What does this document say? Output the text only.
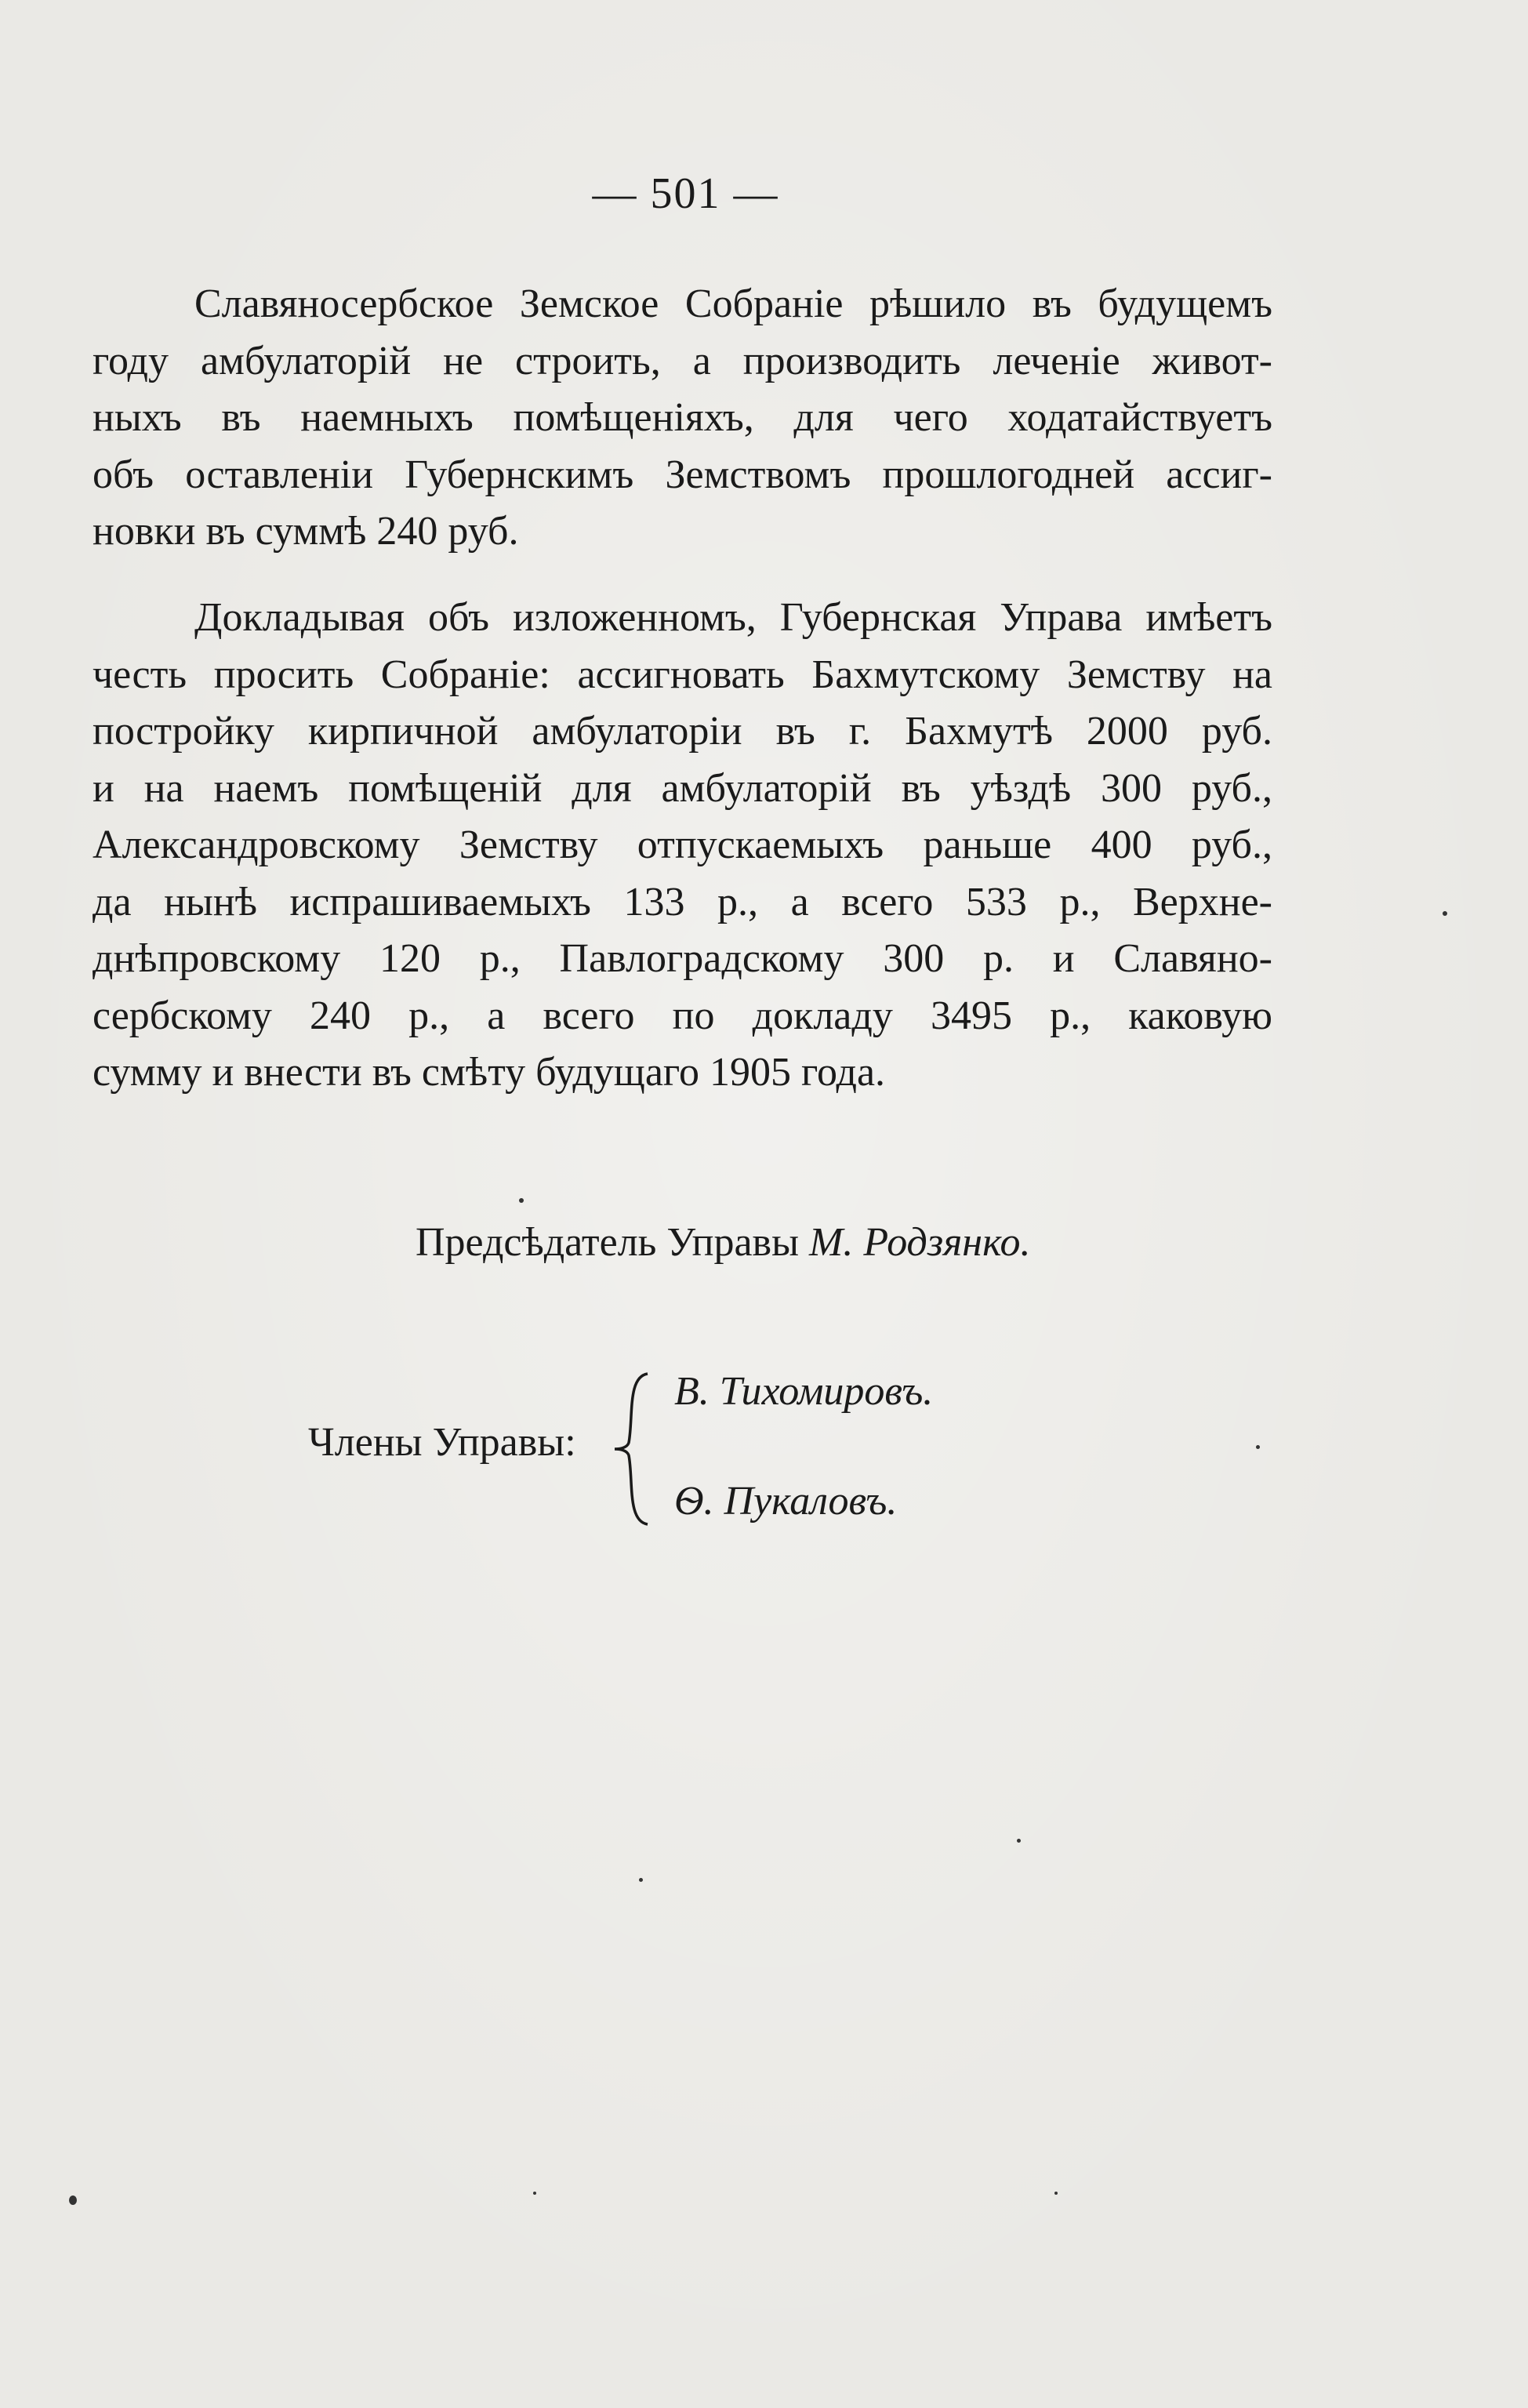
— 501 —
Славяносербское Земское Собраніе рѣшило въ будущемъ
году амбулаторій не строить, а производить леченіе живот-
ныхъ въ наемныхъ помѣщеніяхъ, для чего ходатайствуетъ
объ оставленіи Губернскимъ Земствомъ прошлогодней ассиг-
новки въ суммѣ 240 руб.
Докладывая объ изложенномъ, Губернская Управа имѣетъ
честь просить Собраніе: ассигновать Бахмутскому Земству на
постройку кирпичной амбулаторіи въ г. Бахмутѣ 2000 руб.
и на наемъ помѣщеній для амбулаторій въ уѣздѣ 300 руб.,
Александровскому Земству отпускаемыхъ раньше 400 руб.,
да нынѣ испрашиваемыхъ 133 р., а всего 533 р., Верхне-
днѣпровскому 120 р., Павлоградскому 300 р. и Славяно-
сербскому 240 р., а всего по докладу 3495 р., каковую
сумму и внести въ смѣту будущаго 1905 года.
Предсѣдатель Управы М. Родзянко.
Члены Управы:
В. Тихомировъ.
Ѳ. Пукаловъ.
